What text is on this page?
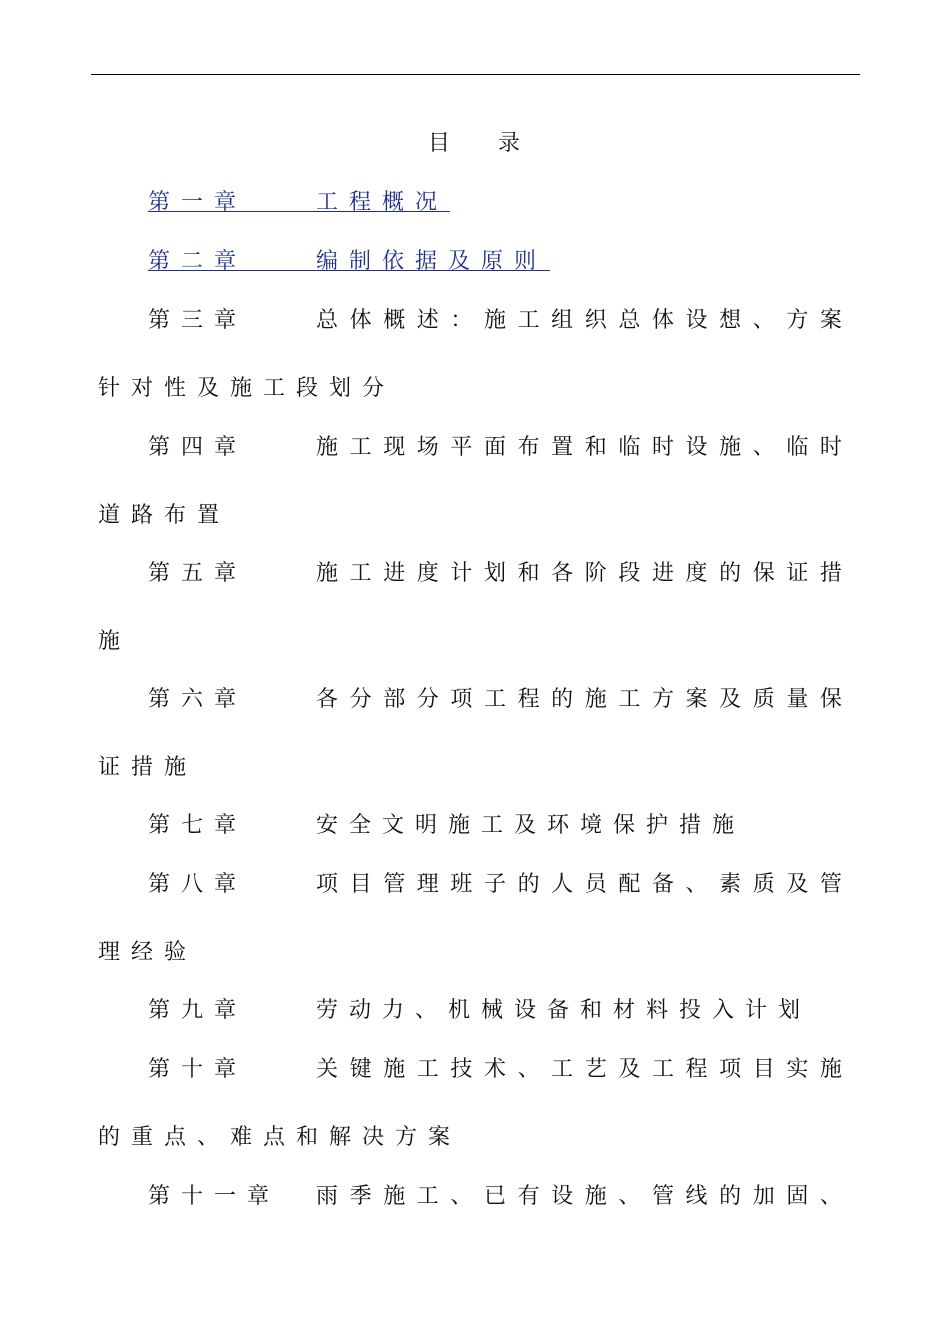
目 录
第一章	工程概况
第二章	编制依据及原则
第三章	总 体 概 述 ： 施 工 组 织 总 体 设 想 、 方 案
针对性及施工段划分
第四章	施 工 现 场 平 面 布 置 和 临 时 设 施 、 临 时
道路布置
第五章	施 工 进 度 计 划 和 各 阶 段 进 度 的 保 证 措
施
第六章	各 分 部 分 项 工 程 的 施 工 方 案 及 质 量 保
证措施
第七章	安全文明施工及环境保护措施
第八章	项 目 管 理 班 子 的 人 员 配 备 、 素 质 及 管
理经验
第九章	劳动力、机械设备和材料投入计划
第十章	关 键 施 工 技 术 、 工 艺 及 工 程 项 目 实 施
的重点、难点和解决方案
第十一章 雨 季 施 工 、 已 有 设 施 、 管 线 的 加 固 、
